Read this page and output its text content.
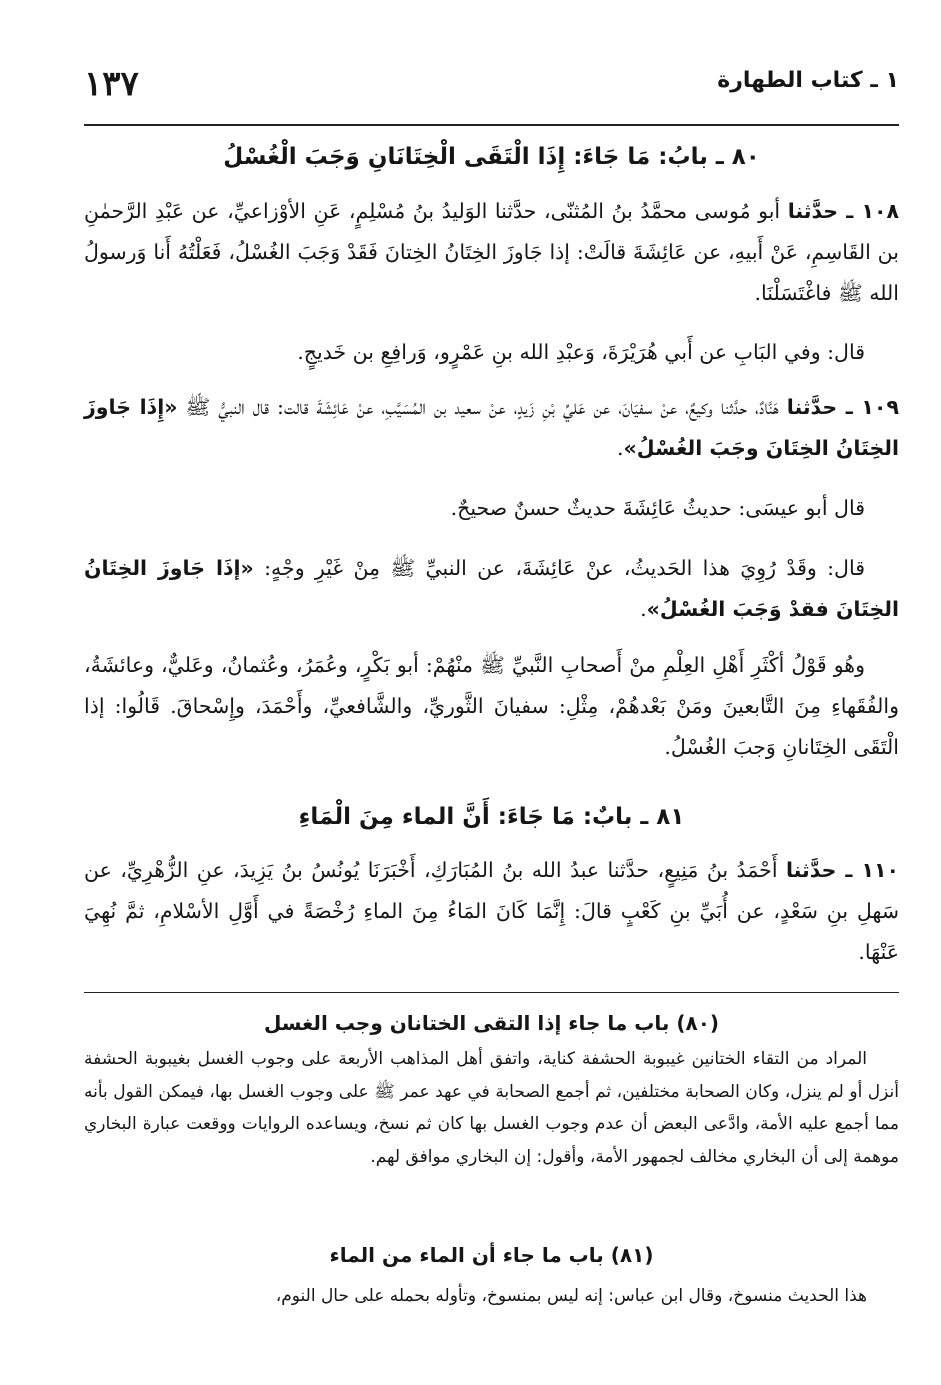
١٣٧	١ ـ كتاب الطهارة
٨٠ ـ بابُ: مَا جَاءَ: إِذَا الْتَقَى الْخِتَانَانِ وَجَبَ الْغُسْلُ
١٠٨ ـ حدَّثنا أبو مُوسى محمَّدُ بنُ المُثنّى، حدَّثنا الوَليدُ بنُ مُسْلِمٍ، عَنِ الأوْزاعيِّ، عن عَبْدِ الرَّحمٰنِ بن القَاسِمِ، عَنْ أَبيهِ، عن عَائِشَةَ قالَتْ: إذا جَاوزَ الخِتَانُ الخِتانَ فَقَدْ وَجَبَ الغُسْلُ، فَعَلْتُهُ أَنا وَرسولُ الله ﷺ فاغْتَسَلْنَا.
قال: وفي البَابِ عن أَبي هُرَيْرَةَ، وَعبْدِ الله بنِ عَمْرٍو، وَرافِعِ بن خَديجٍ.
١٠٩ ـ حدَّثنا هَنَّادٌ، حدَّثنا وكيعٌ، عنْ سفيَانَ، عن عَليِّ بْنِ زَيدٍ، عنْ سعيد بن المُسَيَّبِ، عنْ عَائِشَةَ قالت: قال النبيُّ ﷺ «إِذَا جَاوزَ الخِتَانُ الخِتَانَ وجَبَ الغُسْلُ».
قال أبو عيسَى: حديثُ عَائِشَةَ حديثٌ حسنٌ صحيحٌ.
قال: وقَدْ رُوِيَ هذا الحَديثُ، عنْ عَائِشَةَ، عن النبيِّ ﷺ مِنْ غَيْرِ وجْهٍ: «إذَا جَاوزَ الخِتَانُ الخِتَانَ فقدْ وَجَبَ الغُسْلُ».
وهُو قَوْلُ أكْثَرِ أَهْلِ العِلْمِ منْ أَصحابِ النَّبيِّ ﷺ منْهُمْ: أبو بَكْرٍ، وعُمَرُ، وعُثمانُ، وعَليٌّ، وعائشَةُ، والفُقَهاءِ مِنَ التَّابعينَ ومَنْ بَعْدهُمْ، مِثْلِ: سفيانَ الثَّوريِّ، والشَّافعيِّ، وأَحْمَدَ، وإِسْحاقَ. قَالُوا: إذا الْتَقَى الخِتَانانِ وَجبَ الغُسْلُ.
٨١ ـ بابٌ: مَا جَاءَ: أَنَّ الماء مِنَ الْمَاءِ
١١٠ ـ حدَّثنا أَحْمَدُ بنُ مَنِيعٍ، حدَّثنا عبدُ الله بنُ المُبَارَكِ، أَخْبَرَنَا يُونُسُ بنُ يَزِيدَ، عنِ الزُّهْرِيِّ، عن سَهلِ بنِ سَعْدٍ، عن أُبَيِّ بنِ كَعْبٍ قالَ: إِنَّمَا كَانَ المَاءُ مِنَ الماءِ رُخْصَةً في أَوَّلِ الأسْلامِ، ثمَّ نُهِيَ عَنْهَا.
(٨٠) باب ما جاء إذا التقى الختانان وجب الغسل
المراد من التقاء الختانين غيبوبة الحشفة كناية، واتفق أهل المذاهب الأربعة على وجوب الغسل بغيبوبة الحشفة أنزل أو لم ينزل، وكان الصحابة مختلفين، ثم أجمع الصحابة في عهد عمر ﷺ على وجوب الغسل بها، فيمكن القول بأنه مما أجمع عليه الأمة، وادَّعى البعض أن عدم وجوب الغسل بها كان ثم نسخ، ويساعده الروايات ووقعت عبارة البخاري موهمة إلى أن البخاري مخالف لجمهور الأمة، وأقول: إن البخاري موافق لهم.
(٨١) باب ما جاء أن الماء من الماء
هذا الحديث منسوخ، وقال ابن عباس: إنه ليس بمنسوخ، وتأوله بحمله على حال النوم،
